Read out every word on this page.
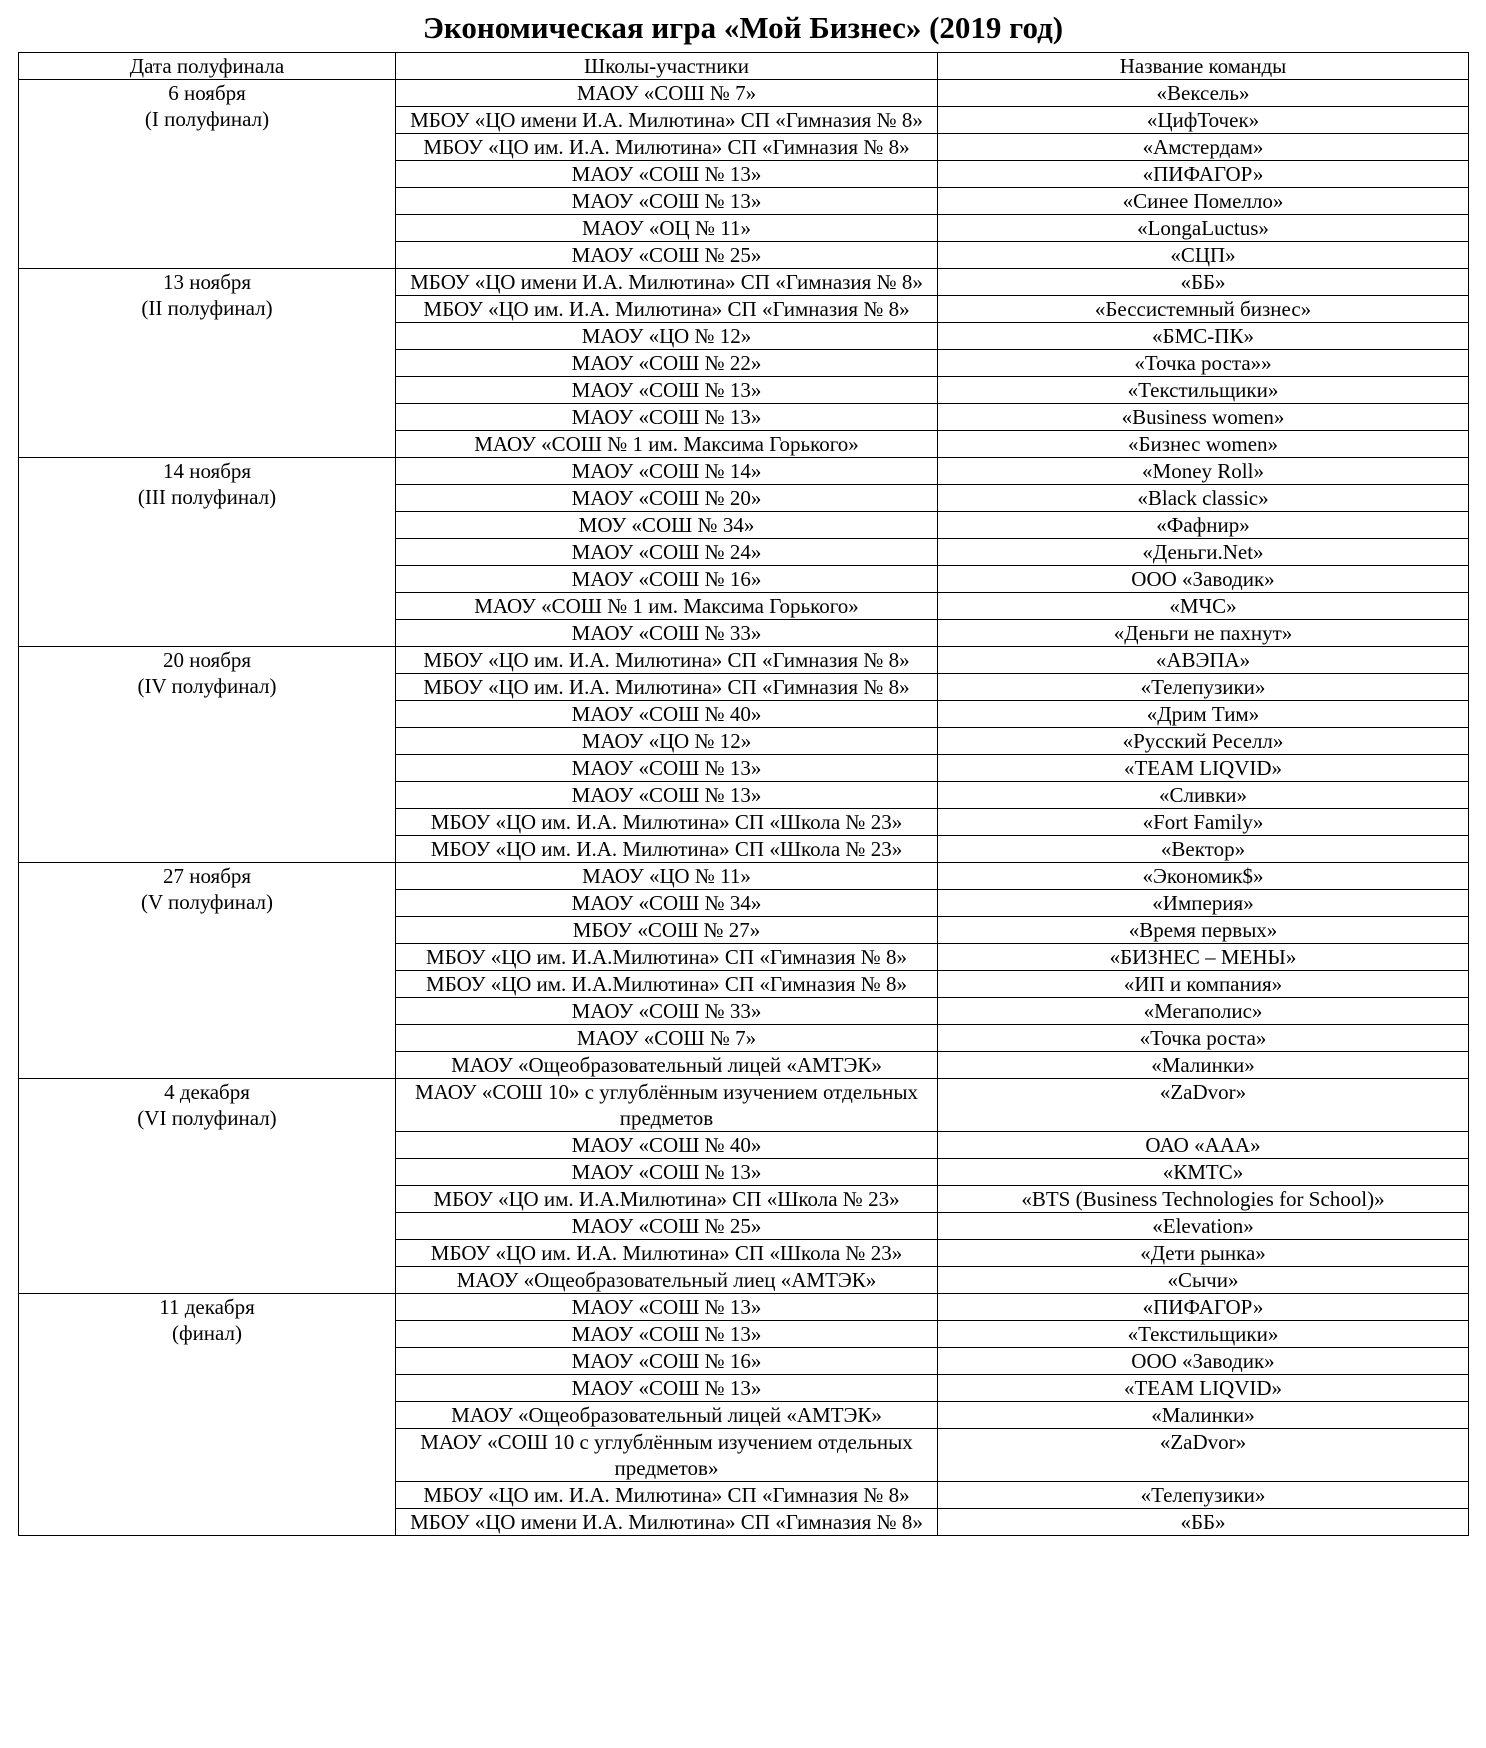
Экономическая игра «Мой Бизнес» (2019 год)
Дата полуфинала	Школы-участники	Название команды

6 ноября
(I полуфинал)	МАОУ «СОШ № 7»	«Вексель»
	МБОУ «ЦО имени И.А. Милютина» СП «Гимназия № 8»	«ЦифТочек»
	МБОУ «ЦО им. И.А. Милютина» СП «Гимназия № 8»	«Амстердам»
	МАОУ «СОШ № 13»	«ПИФАГОР»
	МАОУ «СОШ № 13»	«Синее Помелло»
	МАОУ «ОЦ № 11»	«LongaLuctus»
	МАОУ «СОШ № 25»	«СЦП»

13 ноября
(II полуфинал)	МБОУ «ЦО имени И.А. Милютина» СП «Гимназия № 8»	«ББ»
	МБОУ «ЦО им. И.А. Милютина» СП «Гимназия № 8»	«Бессистемный бизнес»
	МАОУ «ЦО № 12»	«БМС-ПК»
	МАОУ «СОШ № 22»	«Точка роста»»
	МАОУ «СОШ № 13»	«Текстильщики»
	МАОУ «СОШ № 13»	«Business women»
	МАОУ «СОШ № 1 им. Максима Горького»	«Бизнес women»

14 ноября
(III полуфинал)	МАОУ «СОШ № 14»	«Money Roll»
	МАОУ «СОШ № 20»	«Black classic»
	МОУ «СОШ № 34»	«Фафнир»
	МАОУ «СОШ № 24»	«Деньги.Net»
	МАОУ «СОШ № 16»	ООО «Заводик»
	МАОУ «СОШ № 1 им. Максима Горького»	«МЧС»
	МАОУ «СОШ № 33»	«Деньги не пахнут»

20 ноября
(IV полуфинал)	МБОУ «ЦО им. И.А. Милютина» СП «Гимназия № 8»	«АВЭПА»
	МБОУ «ЦО им. И.А. Милютина» СП «Гимназия № 8»	«Телепузики»
	МАОУ «СОШ № 40»	«Дрим Тим»
	МАОУ «ЦО № 12»	«Русский Реселл»
	МАОУ «СОШ № 13»	«TEAM LIQVID»
	МАОУ «СОШ № 13»	«Сливки»
	МБОУ «ЦО им. И.А. Милютина» СП «Школа № 23»	«Fort Family»
	МБОУ «ЦО им. И.А. Милютина» СП «Школа № 23»	«Вектор»

27 ноября
(V полуфинал)	МАОУ «ЦО № 11»	«Экономик$»
	МАОУ «СОШ № 34»	«Империя»
	МБОУ «СОШ № 27»	«Время первых»
	МБОУ «ЦО им. И.А.Милютина» СП «Гимназия № 8»	«БИЗНЕС – МЕНЫ»
	МБОУ «ЦО им. И.А.Милютина» СП «Гимназия № 8»	«ИП и компания»
	МАОУ «СОШ № 33»	«Мегаполис»
	МАОУ «СОШ № 7»	«Точка роста»
	МАОУ «Ощеобразовательный лицей «АМТЭК»	«Малинки»

4 декабря
(VI полуфинал)	МАОУ «СОШ 10» с углублённым изучением отдельных предметов	«ZaDvor»
	МАОУ «СОШ № 40»	ОАО «ААА»
	МАОУ «СОШ № 13»	«КМТС»
	МБОУ «ЦО им. И.А.Милютина» СП «Школа № 23»	«BTS (Business Technologies for School)»
	МАОУ «СОШ № 25»	«Elevation»
	МБОУ «ЦО им. И.А. Милютина» СП «Школа № 23»	«Дети рынка»
	МАОУ «Ощеобразовательный лиец «АМТЭК»	«Сычи»

11 декабря
(финал)	МАОУ «СОШ № 13»	«ПИФАГОР»
	МАОУ «СОШ № 13»	«Текстильщики»
	МАОУ «СОШ № 16»	ООО «Заводик»
	МАОУ «СОШ № 13»	«TEAM LIQVID»
	МАОУ «Ощеобразовательный лицей «АМТЭК»	«Малинки»
	МАОУ «СОШ 10 с углублённым изучением отдельных предметов»	«ZaDvor»
	МБОУ «ЦО им. И.А. Милютина» СП «Гимназия № 8»	«Телепузики»
	МБОУ «ЦО имени И.А. Милютина» СП «Гимназия № 8»	«ББ»
